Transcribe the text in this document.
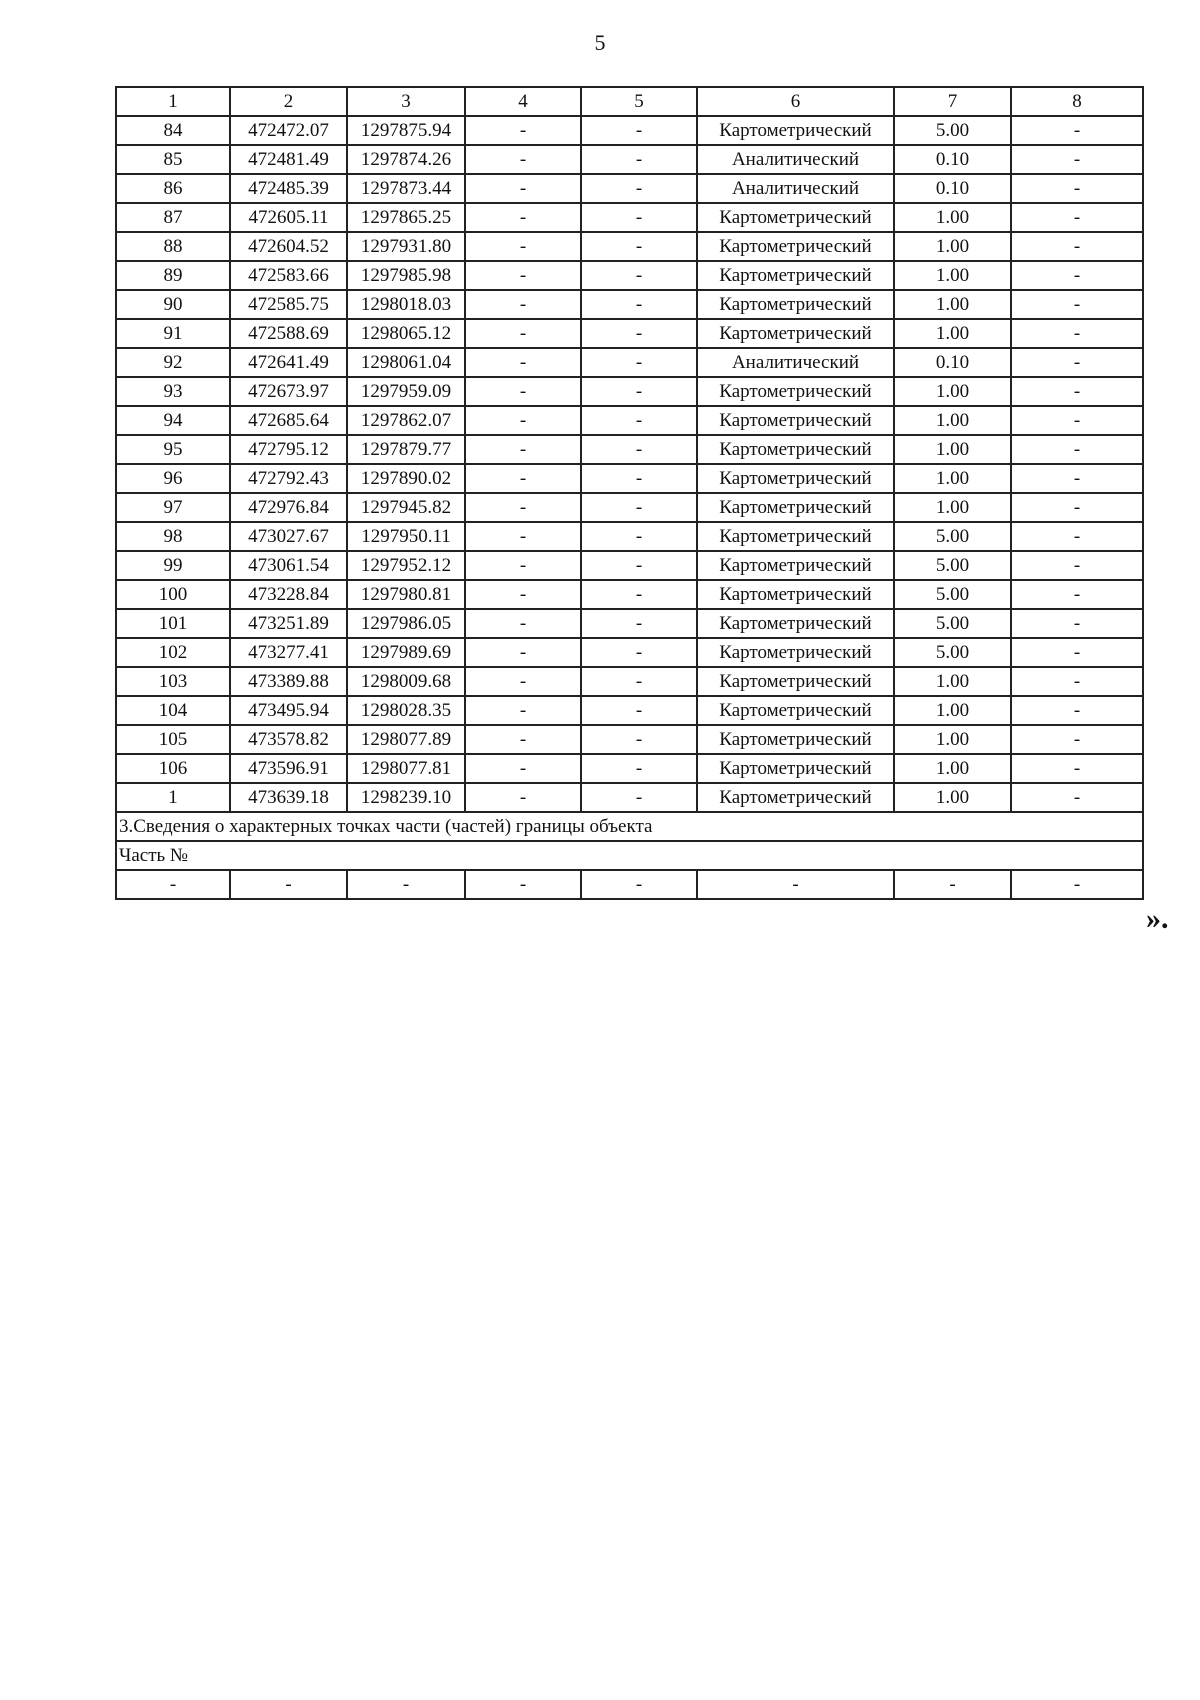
5
1	2	3	4	5	6	7	8
84	472472.07	1297875.94	-	-	Картометрический	5.00	-
85	472481.49	1297874.26	-	-	Аналитический	0.10	-
86	472485.39	1297873.44	-	-	Аналитический	0.10	-
87	472605.11	1297865.25	-	-	Картометрический	1.00	-
88	472604.52	1297931.80	-	-	Картометрический	1.00	-
89	472583.66	1297985.98	-	-	Картометрический	1.00	-
90	472585.75	1298018.03	-	-	Картометрический	1.00	-
91	472588.69	1298065.12	-	-	Картометрический	1.00	-
92	472641.49	1298061.04	-	-	Аналитический	0.10	-
93	472673.97	1297959.09	-	-	Картометрический	1.00	-
94	472685.64	1297862.07	-	-	Картометрический	1.00	-
95	472795.12	1297879.77	-	-	Картометрический	1.00	-
96	472792.43	1297890.02	-	-	Картометрический	1.00	-
97	472976.84	1297945.82	-	-	Картометрический	1.00	-
98	473027.67	1297950.11	-	-	Картометрический	5.00	-
99	473061.54	1297952.12	-	-	Картометрический	5.00	-
100	473228.84	1297980.81	-	-	Картометрический	5.00	-
101	473251.89	1297986.05	-	-	Картометрический	5.00	-
102	473277.41	1297989.69	-	-	Картометрический	5.00	-
103	473389.88	1298009.68	-	-	Картометрический	1.00	-
104	473495.94	1298028.35	-	-	Картометрический	1.00	-
105	473578.82	1298077.89	-	-	Картометрический	1.00	-
106	473596.91	1298077.81	-	-	Картометрический	1.00	-
1	473639.18	1298239.10	-	-	Картометрический	1.00	-
3.Сведения о характерных точках части (частей) границы объекта							
Часть №							
-	-	-	-	-	-	-	-
».
